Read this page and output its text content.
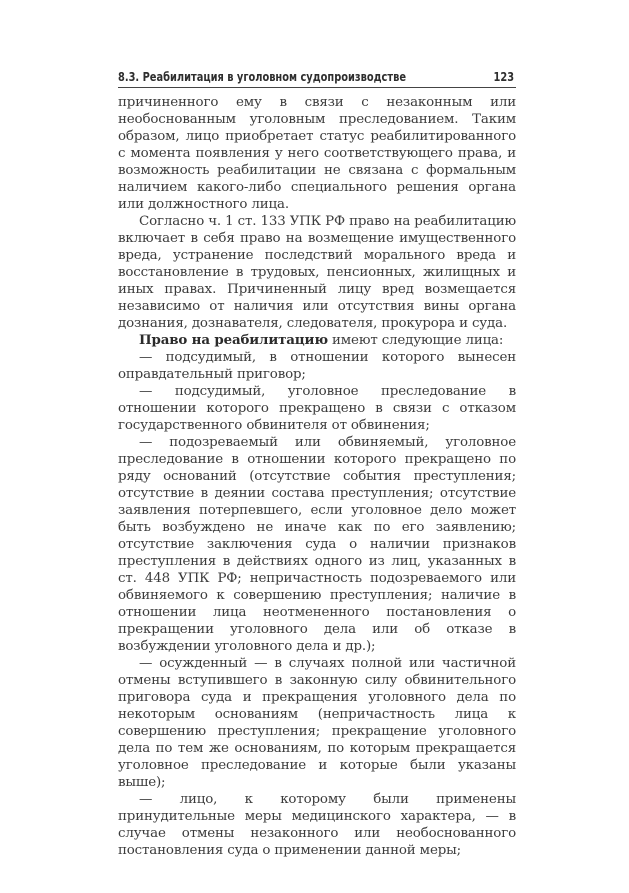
8.3. Реабилитация в уголовном судопроизводстве	123

причиненного ему в связи с незаконным или необоснованным уголовным преследованием. Таким образом, лицо приобретает статус реабилитированного с момента появления у него соответствующего права, и возможность реабилитации не связана с формальным наличием какого-либо специального решения органа или должностного лица.

Согласно ч. 1 ст. 133 УПК РФ право на реабилитацию включает в себя право на возмещение имущественного вреда, устранение последствий морального вреда и восстановление в трудовых, пенсионных, жилищных и иных правах. Причиненный лицу вред возмещается независимо от наличия или отсутствия вины органа дознания, дознавателя, следователя, прокурора и суда.

Право на реабилитацию имеют следующие лица:

— подсудимый, в отношении которого вынесен оправдательный приговор;

— подсудимый, уголовное преследование в отношении которого прекращено в связи с отказом государственного обвинителя от обвинения;

— подозреваемый или обвиняемый, уголовное преследование в отношении которого прекращено по ряду оснований (отсутствие события преступления; отсутствие в деянии состава преступления; отсутствие заявления потерпевшего, если уголовное дело может быть возбуждено не иначе как по его заявлению; отсутствие заключения суда о наличии признаков преступления в действиях одного из лиц, указанных в ст. 448 УПК РФ; непричастность подозреваемого или обвиняемого к совершению преступления; наличие в отношении лица неотмененного постановления о прекращении уголовного дела или об отказе в возбуждении уголовного дела и др.);

— осужденный — в случаях полной или частичной отмены вступившего в законную силу обвинительного приговора суда и прекращения уголовного дела по некоторым основаниям (непричастность лица к совершению преступления; прекращение уголовного дела по тем же основаниям, по которым прекращается уголовное преследование и которые были указаны выше);

— лицо, к которому были применены принудительные меры медицинского характера, — в случае отмены незаконного или необоснованного постановления суда о применении данной меры;
